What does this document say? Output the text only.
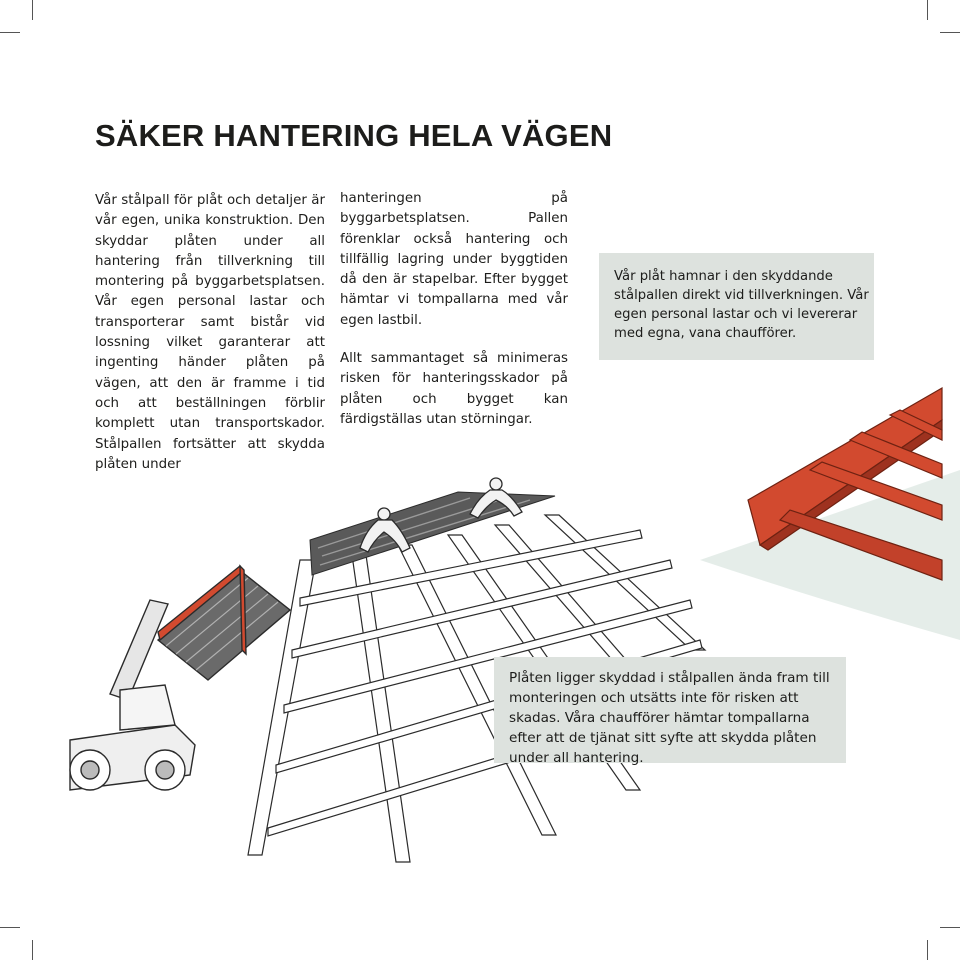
SÄKER HANTERING HELA VÄGEN

Vår stålpall för plåt och detaljer är vår egen, unika konstruktion. Den skyddar plåten under all hantering från tillverkning till montering på byggarbetsplatsen. Vår egen personal lastar och transporterar samt bistår vid lossning vilket garanterar att ingenting händer plåten på vägen, att den är framme i tid och att beställningen förblir komplett utan transportskador. Stålpallen fortsätter att skydda plåten under

hanteringen på byggarbetsplatsen. Pallen förenklar också hantering och tillfällig lagring under byggtiden då den är stapelbar. Efter bygget hämtar vi tompallarna med vår egen lastbil.

Allt sammantaget så minimeras risken för hanteringsskador på plåten och bygget kan färdigställas utan störningar.

Vår plåt hamnar i den skyddande stålpallen direkt vid tillverkningen. Vår egen personal lastar och vi levererar med egna, vana chaufförer.

Plåten ligger skyddad i stålpallen ända fram till monteringen och utsätts inte för risken att skadas. Våra chaufförer hämtar tompallarna efter att de tjänat sitt syfte att skydda plåten under all hantering.
